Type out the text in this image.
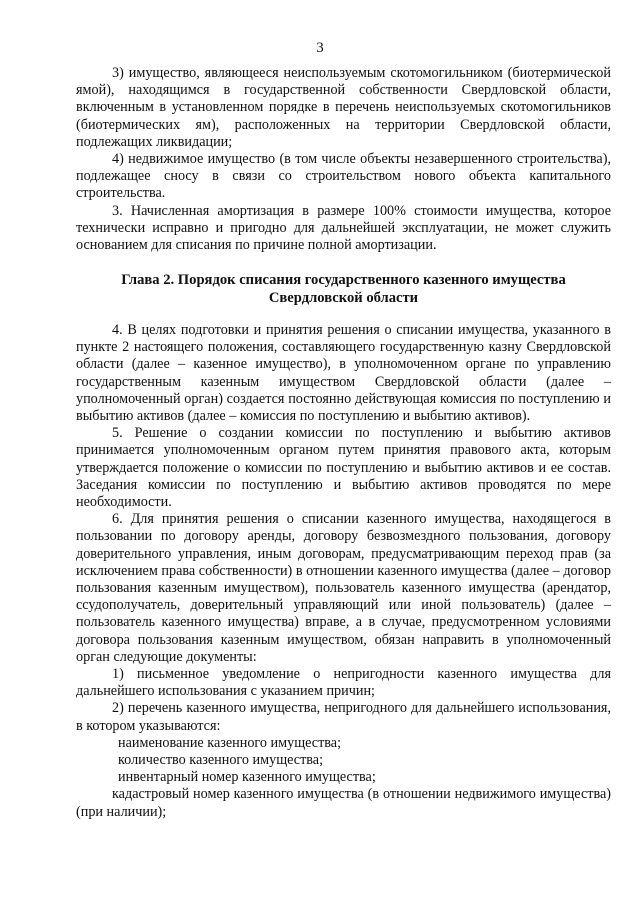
3

3) имущество, являющееся неиспользуемым скотомогильником (биотермической ямой), находящимся в государственной собственности Свердловской области, включенным в установленном порядке в перечень неиспользуемых скотомогильников (биотермических ям), расположенных на территории Свердловской области, подлежащих ликвидации;

4) недвижимое имущество (в том числе объекты незавершенного строительства), подлежащее сносу в связи со строительством нового объекта капитального строительства.

3. Начисленная амортизация в размере 100% стоимости имущества, которое технически исправно и пригодно для дальнейшей эксплуатации, не может служить основанием для списания по причине полной амортизации.

Глава 2. Порядок списания государственного казенного имущества
Свердловской области

4. В целях подготовки и принятия решения о списании имущества, указанного в пункте 2 настоящего положения, составляющего государственную казну Свердловской области (далее – казенное имущество), в уполномоченном органе по управлению государственным казенным имуществом Свердловской области (далее – уполномоченный орган) создается постоянно действующая комиссия по поступлению и выбытию активов (далее – комиссия по поступлению и выбытию активов).

5. Решение о создании комиссии по поступлению и выбытию активов принимается уполномоченным органом путем принятия правового акта, которым утверждается положение о комиссии по поступлению и выбытию активов и ее состав. Заседания комиссии по поступлению и выбытию активов проводятся по мере необходимости.

6. Для принятия решения о списании казенного имущества, находящегося в пользовании по договору аренды, договору безвозмездного пользования, договору доверительного управления, иным договорам, предусматривающим переход прав (за исключением права собственности) в отношении казенного имущества (далее – договор пользования казенным имуществом), пользователь казенного имущества (арендатор, ссудополучатель, доверительный управляющий или иной пользователь) (далее – пользователь казенного имущества) вправе, а в случае, предусмотренном условиями договора пользования казенным имуществом, обязан направить в уполномоченный орган следующие документы:

1) письменное уведомление о непригодности казенного имущества для дальнейшего использования с указанием причин;

2) перечень казенного имущества, непригодного для дальнейшего использования, в котором указываются:

наименование казенного имущества;

количество казенного имущества;

инвентарный номер казенного имущества;

кадастровый номер казенного имущества (в отношении недвижимого имущества) (при наличии);
